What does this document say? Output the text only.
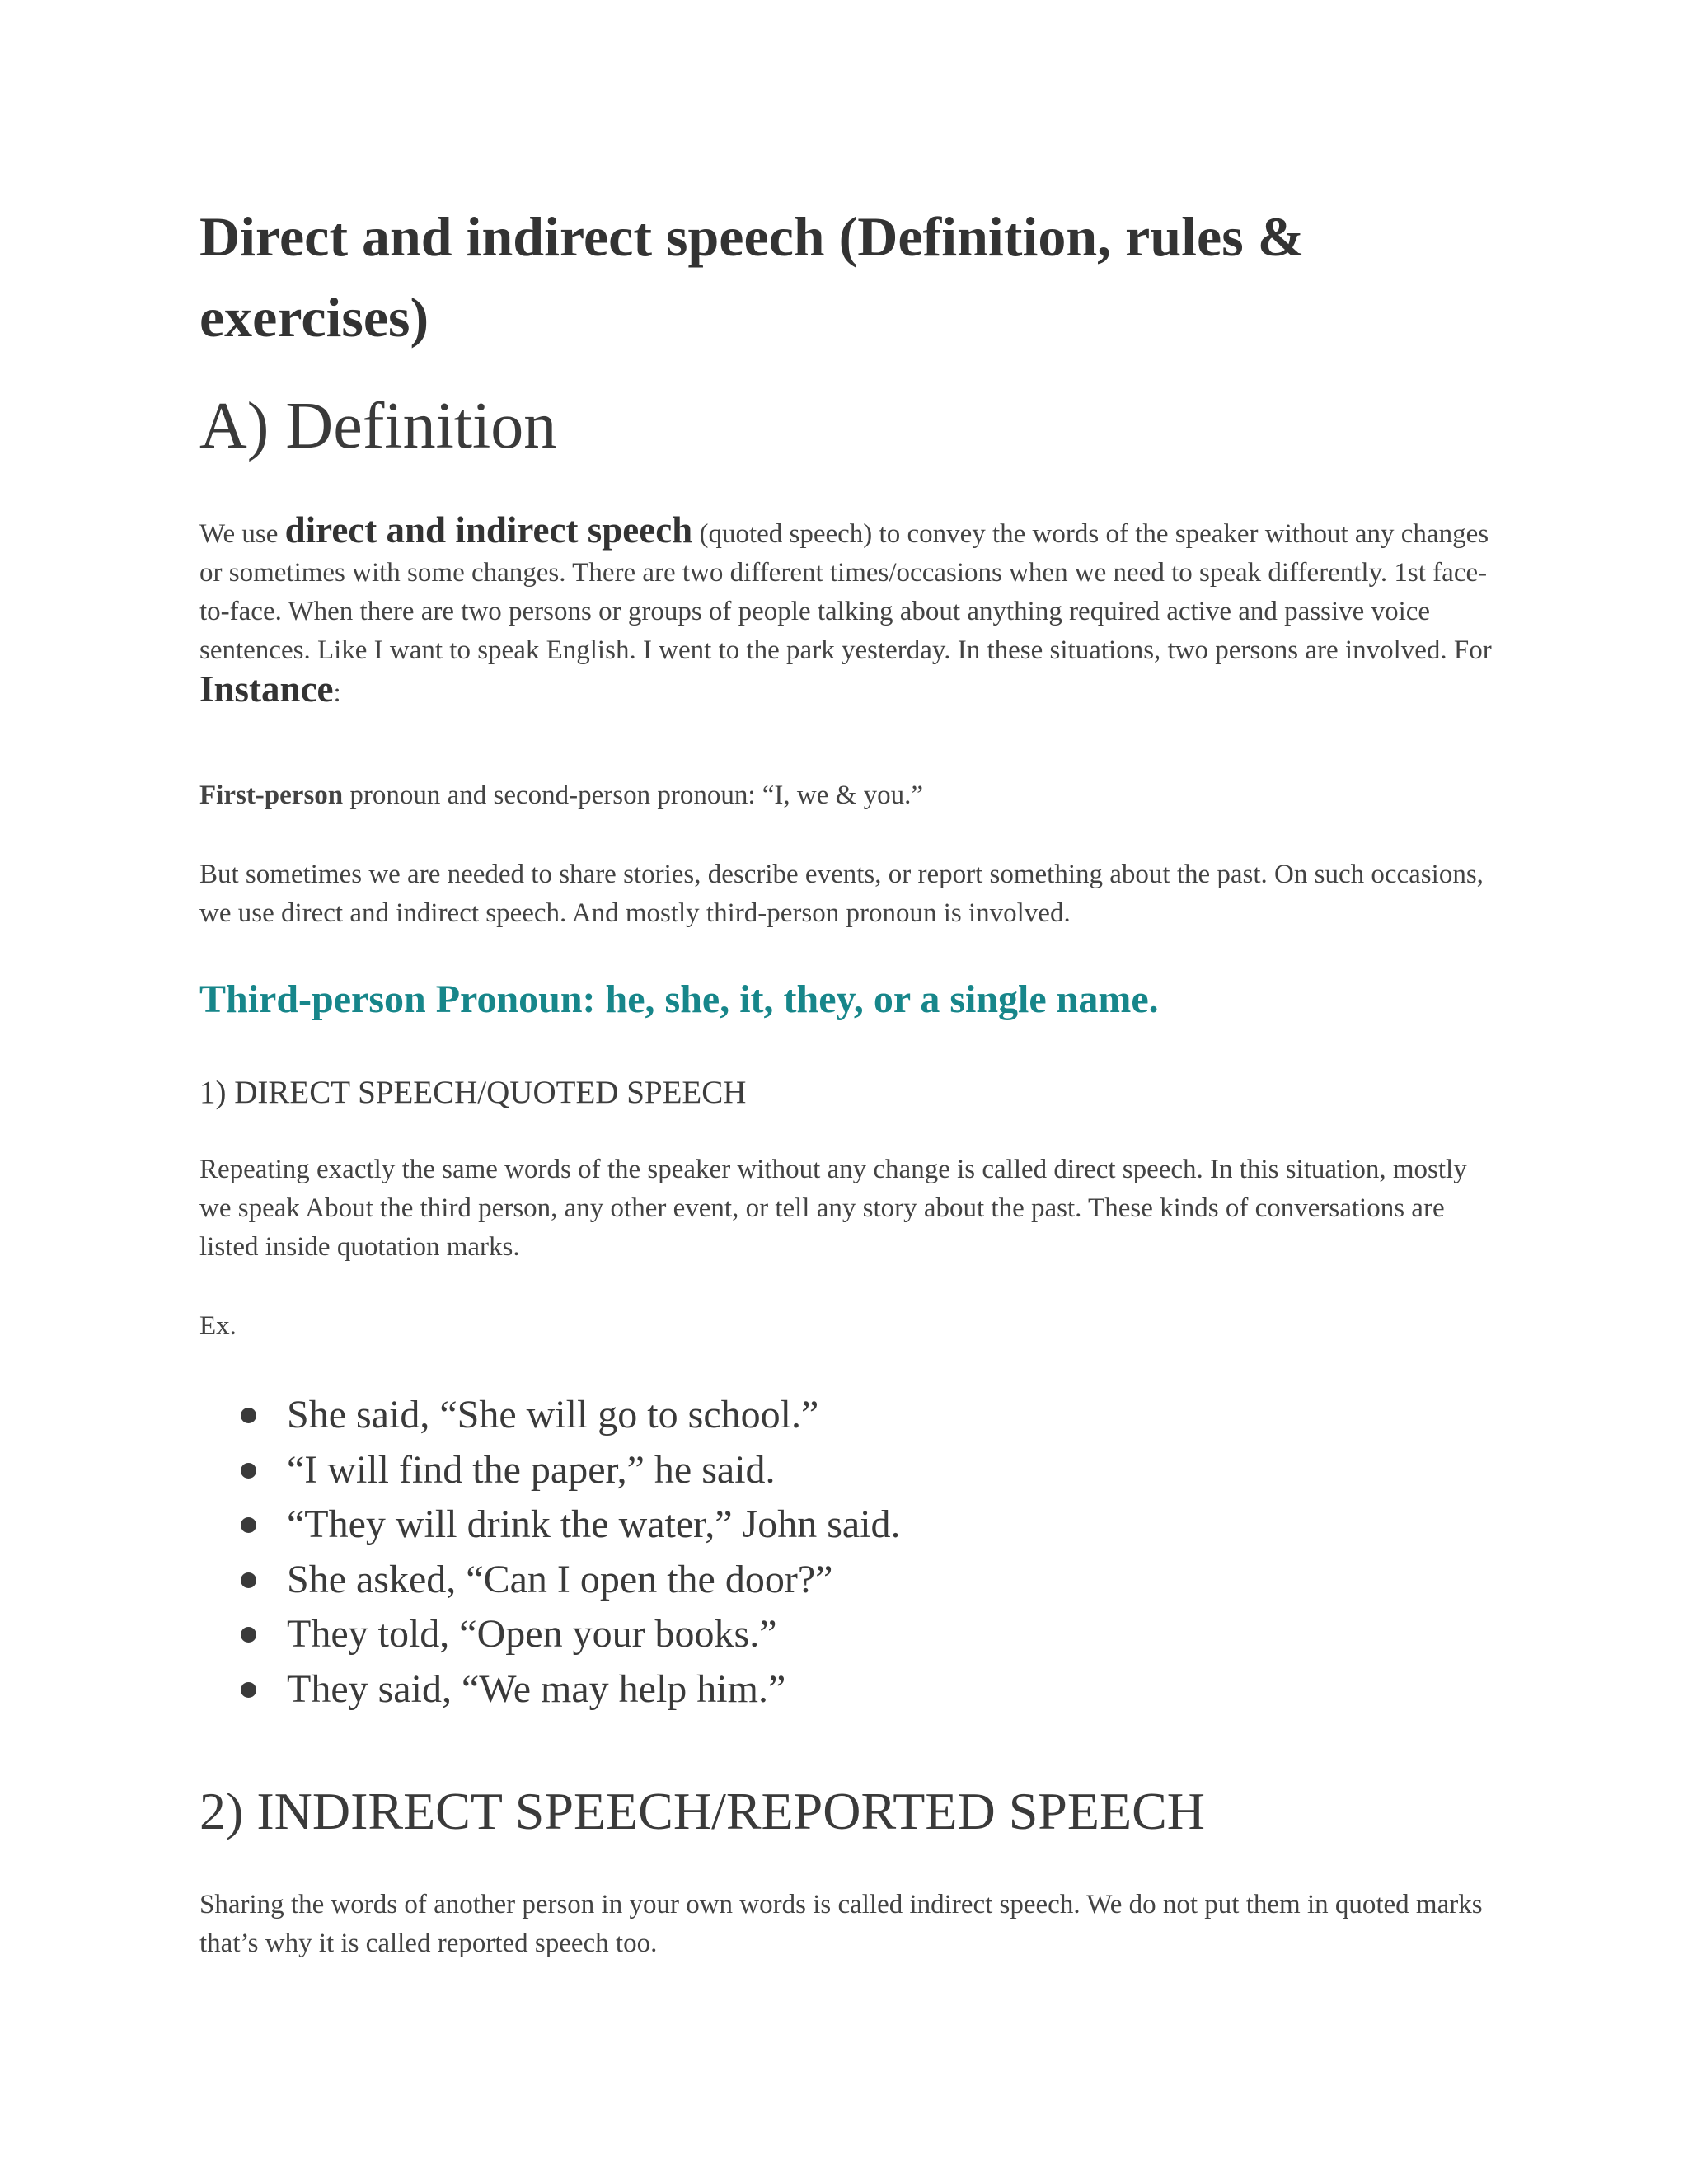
Direct and indirect speech (Definition, rules & exercises)
A) Definition

We use direct and indirect speech (quoted speech) to convey the words of the speaker without any changes or sometimes with some changes. There are two different times/occasions when we need to speak differently. 1st face-to-face. When there are two persons or groups of people talking about anything required active and passive voice sentences. Like I want to speak English. I went to the park yesterday. In these situations, two persons are involved. For Instance:

First-person pronoun and second-person pronoun: “I, we & you.”

But sometimes we are needed to share stories, describe events, or report something about the past. On such occasions, we use direct and indirect speech. And mostly third-person pronoun is involved.

Third-person Pronoun: he, she, it, they, or a single name.
1) DIRECT SPEECH/QUOTED SPEECH

Repeating exactly the same words of the speaker without any change is called direct speech. In this situation, mostly we speak About the third person, any other event, or tell any story about the past. These kinds of conversations are listed inside quotation marks.

Ex.

She said, “She will go to school.”
“I will find the paper,” he said.
“They will drink the water,” John said.
She asked, “Can I open the door?”
They told, “Open your books.”
They said, “We may help him.”
2) INDIRECT SPEECH/REPORTED SPEECH

Sharing the words of another person in your own words is called indirect speech. We do not put them in quoted marks that’s why it is called reported speech too.
